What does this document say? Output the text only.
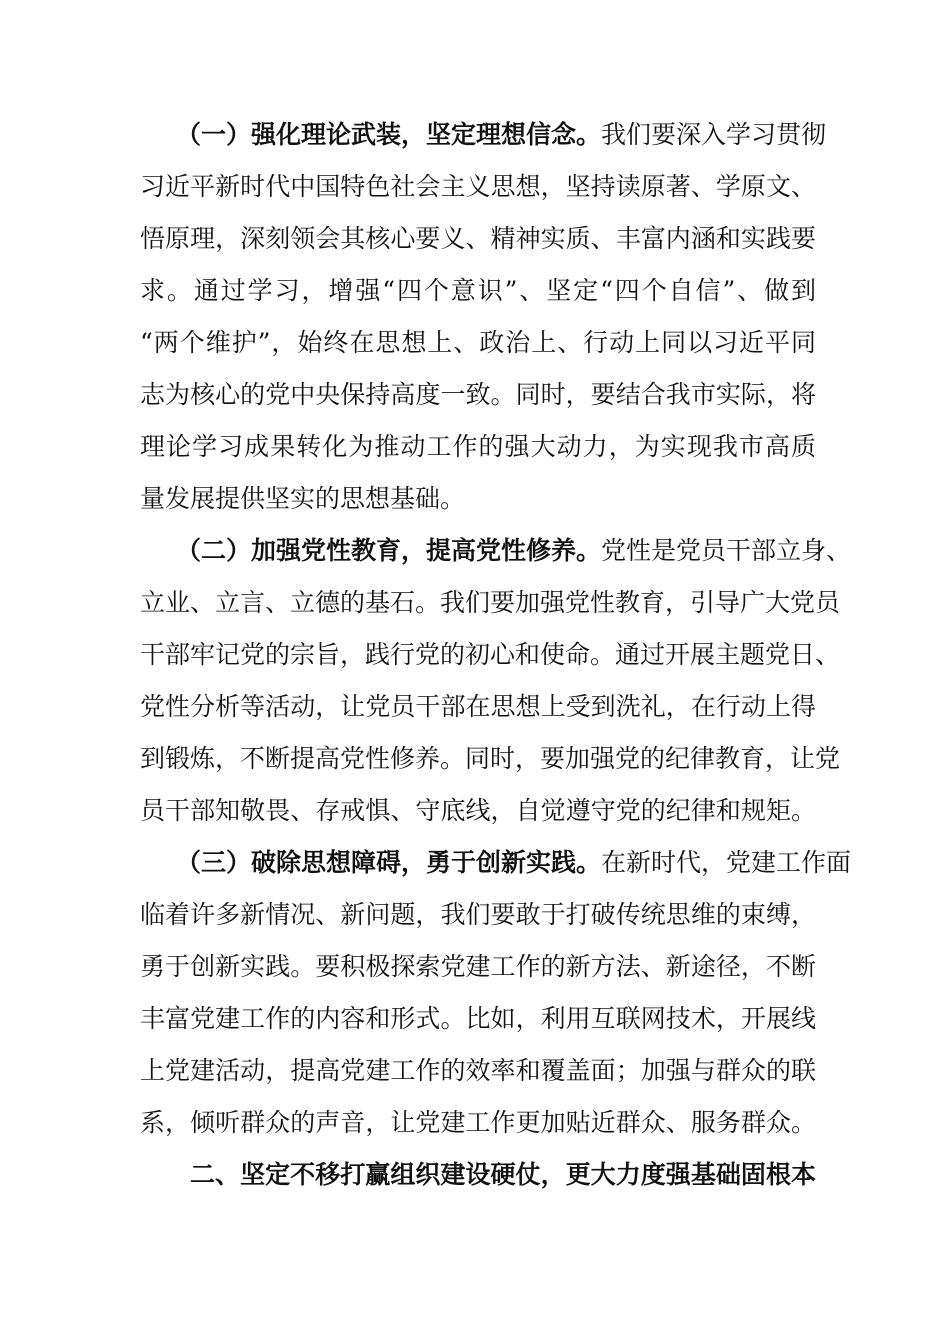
（一）强化理论武装，坚定理想信念。我们要深入学习贯彻
习近平新时代中国特色社会主义思想，坚持读原著、学原文、
悟原理，深刻领会其核心要义、精神实质、丰富内涵和实践要
求。通过学习，增强“四个意识”、坚定“四个自信”、做到
“两个维护”，始终在思想上、政治上、行动上同以习近平同
志为核心的党中央保持高度一致。同时，要结合我市实际，将
理论学习成果转化为推动工作的强大动力，为实现我市高质
量发展提供坚实的思想基础。
（二）加强党性教育，提高党性修养。党性是党员干部立身、
立业、立言、立德的基石。我们要加强党性教育，引导广大党员
干部牢记党的宗旨，践行党的初心和使命。通过开展主题党日、
党性分析等活动，让党员干部在思想上受到洗礼，在行动上得
到锻炼，不断提高党性修养。同时，要加强党的纪律教育，让党
员干部知敬畏、存戒惧、守底线，自觉遵守党的纪律和规矩。
（三）破除思想障碍，勇于创新实践。在新时代，党建工作面
临着许多新情况、新问题，我们要敢于打破传统思维的束缚，
勇于创新实践。要积极探索党建工作的新方法、新途径，不断
丰富党建工作的内容和形式。比如，利用互联网技术，开展线
上党建活动，提高党建工作的效率和覆盖面；加强与群众的联
系，倾听群众的声音，让党建工作更加贴近群众、服务群众。
二、坚定不移打赢组织建设硬仗，更大力度强基础固根本
